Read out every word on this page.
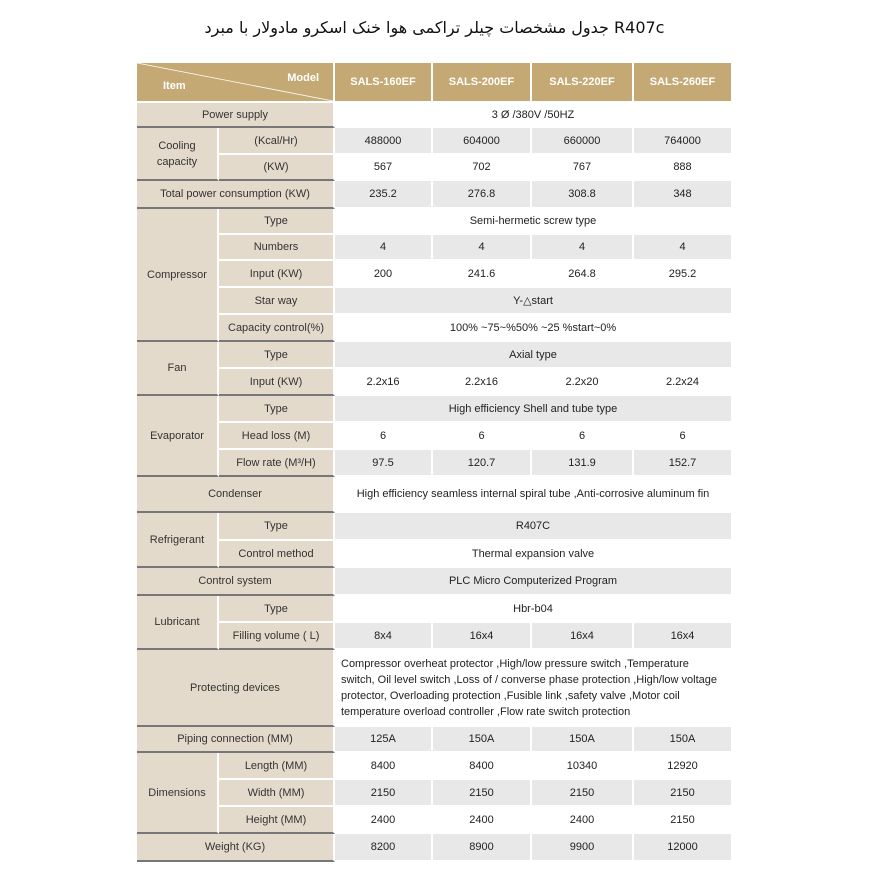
جدول مشخصات چیلر تراکمی هوا خنک اسکرو مادولار با مبرد R407c
Model
Item		SALS-160EF	SALS-200EF	SALS-220EF	SALS-260EF
Power supply		3 Ø /380V /50HZ			
Cooling capacity	(Kcal/Hr)	488000	604000	660000	764000
	(KW)	567	702	767	888
Total power consumption (KW)		235.2	276.8	308.8	348
Compressor	Type	Semi-hermetic screw type			
	Numbers	4	4	4	4
	Input (KW)	200	241.6	264.8	295.2
	Star way	Y-△start			
	Capacity control(%)	100% ~75~%50% ~25 %start~0%			
Fan	Type	Axial type			
	Input (KW)	2.2x16	2.2x16	2.2x20	2.2x24
Evaporator	Type	High efficiency Shell and tube type			
	Head loss (M)	6	6	6	6
	Flow rate (M³/H)	97.5	120.7	131.9	152.7
Condenser		High efficiency seamless internal spiral tube ,Anti-corrosive aluminum fin			
Refrigerant	Type	R407C			
	Control method	Thermal expansion valve			
Control system		PLC Micro Computerized Program			
Lubricant	Type	Hbr-b04			
	Filling volume ( L)	8x4	16x4	16x4	16x4
Protecting devices		Compressor overheat protector ,High/low pressure switch ,Temperature switch, Oil level switch ,Loss of / converse phase protection ,High/low voltage protector, Overloading protection ,Fusible link ,safety valve ,Motor coil temperature overload controller ,Flow rate switch protection			
Piping connection (MM)		125A	150A	150A	150A
Dimensions	Length (MM)	8400	8400	10340	12920
	Width (MM)	2150	2150	2150	2150
	Height (MM)	2400	2400	2400	2150
Weight (KG)		8200	8900	9900	12000
